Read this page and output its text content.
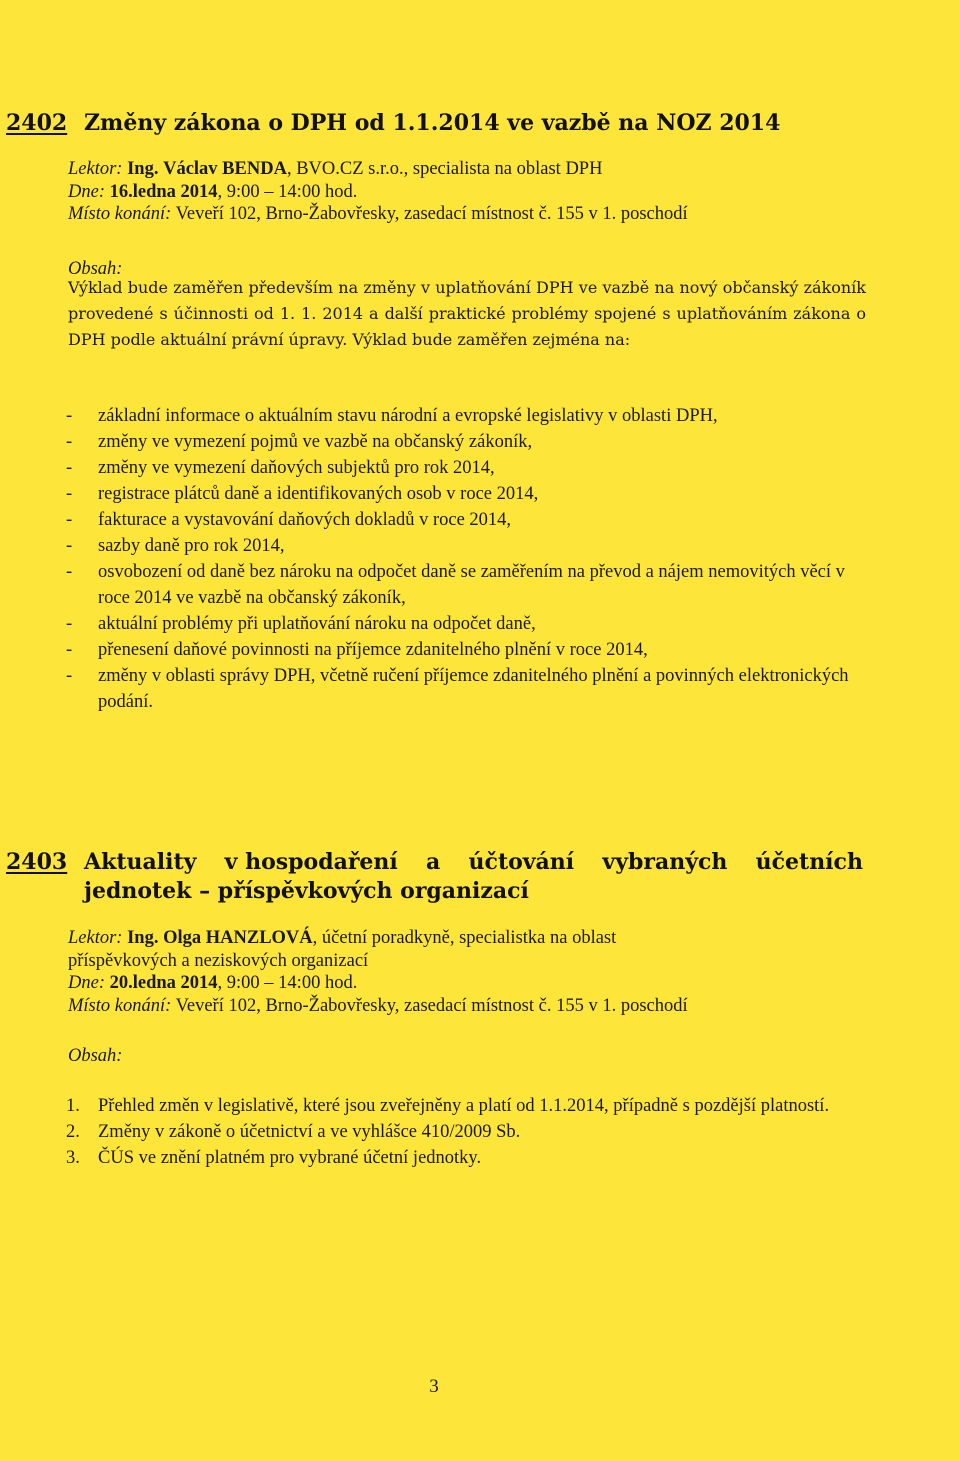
2402 Změny zákona o DPH od 1.1.2014 ve vazbě na NOZ 2014
Lektor: Ing. Václav BENDA, BVO.CZ s.r.o., specialista na oblast DPH
Dne: 16.ledna 2014, 9:00 – 14:00 hod.
Místo konání: Veveří 102, Brno-Žabovřesky, zasedací místnost č. 155 v 1. poschodí
Obsah:
Výklad bude zaměřen především na změny v uplatňování DPH ve vazbě na nový občanský zákoník provedené s účinnosti od 1. 1. 2014 a další praktické problémy spojené s uplatňováním zákona o DPH podle aktuální právní úpravy. Výklad bude zaměřen zejména na:
- základní informace o aktuálním stavu národní a evropské legislativy v oblasti DPH,
- změny ve vymezení pojmů ve vazbě na občanský zákoník,
- změny ve vymezení daňových subjektů pro rok 2014,
- registrace plátců daně a identifikovaných osob v roce 2014,
- fakturace a vystavování daňových dokladů v roce 2014,
- sazby daně pro rok 2014,
- osvobození od daně bez nároku na odpočet daně se zaměřením na převod a nájem nemovitých věcí v roce 2014 ve vazbě na občanský zákoník,
- aktuální problémy při uplatňování nároku na odpočet daně,
- přenesení daňové povinnosti na příjemce zdanitelného plnění v roce 2014,
- změny v oblasti správy DPH, včetně ručení příjemce zdanitelného plnění a povinných elektronických podání.
2403 Aktuality v hospodaření a účtování vybraných účetních
jednotek – příspěvkových organizací
Lektor: Ing. Olga HANZLOVÁ, účetní poradkyně, specialistka na oblast
příspěvkových a neziskových organizací
Dne: 20.ledna 2014, 9:00 – 14:00 hod.
Místo konání: Veveří 102, Brno-Žabovřesky, zasedací místnost č. 155 v 1. poschodí
Obsah:
1. Přehled změn v legislativě, které jsou zveřejněny a platí od 1.1.2014, případně s pozdější platností.
2. Změny v zákoně o účetnictví a ve vyhlášce 410/2009 Sb.
3. ČÚS ve znění platném pro vybrané účetní jednotky.
3
